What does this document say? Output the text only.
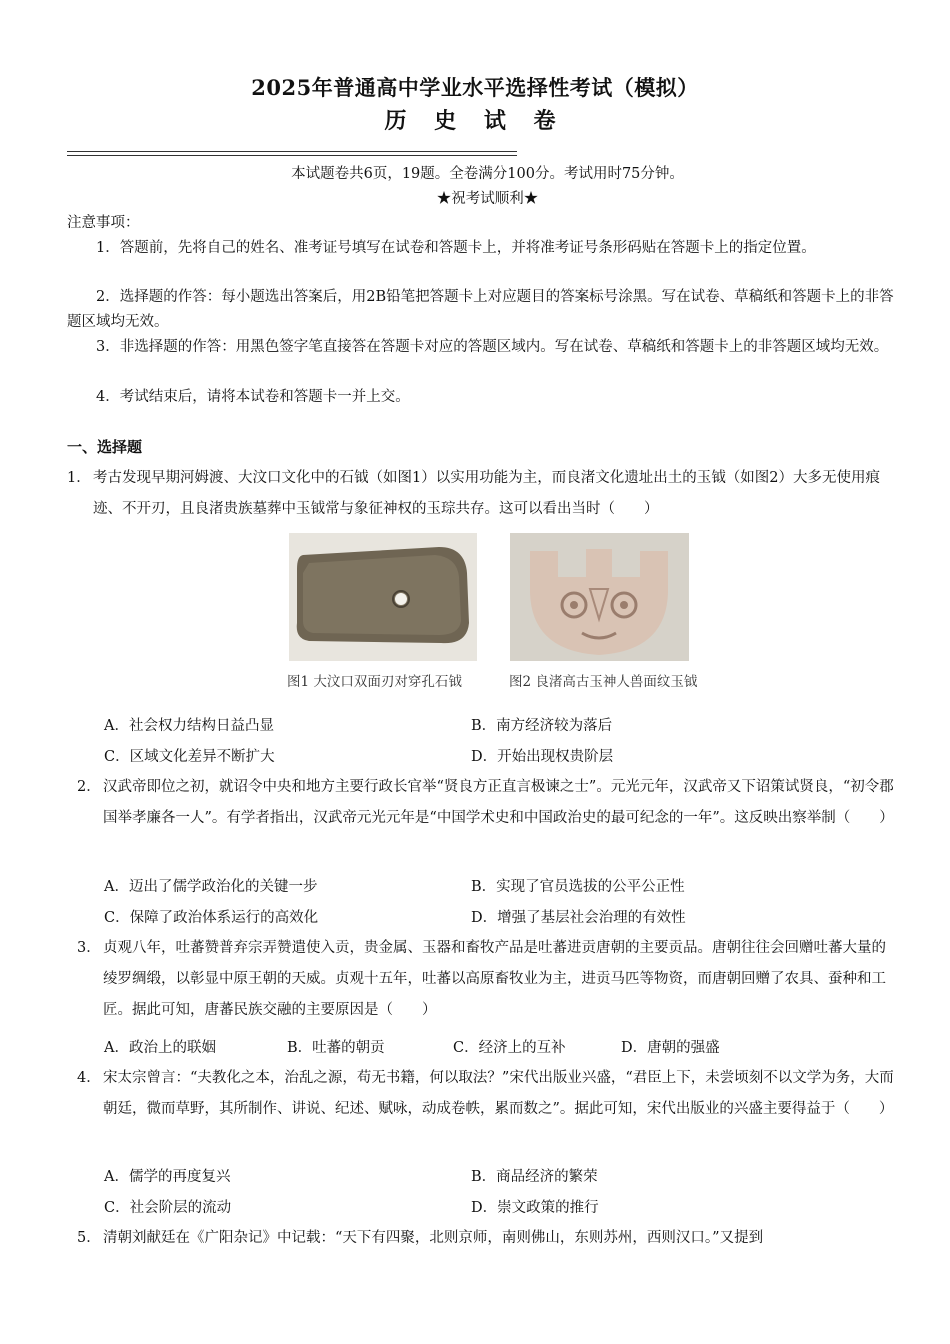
2025年普通高中学业水平选择性考试（模拟）
历 史 试 卷
本试题卷共6页，19题。全卷满分100分。考试用时75分钟。
★祝考试顺利★
注意事项：
1．答题前，先将自己的姓名、准考证号填写在试卷和答题卡上，并将准考证号条形码贴在答题卡上的指定位置。
2．选择题的作答：每小题选出答案后，用2B铅笔把答题卡上对应题目的答案标号涂黑。写在试卷、草稿纸和答题卡上的非答题区域均无效。
3．非选择题的作答：用黑色签字笔直接答在答题卡对应的答题区域内。写在试卷、草稿纸和答题卡上的非答题区域均无效。
4．考试结束后，请将本试卷和答题卡一并上交。
一、选择题
1． 考古发现早期河姆渡、大汶口文化中的石钺（如图1）以实用功能为主，而良渚文化遗址出土的玉钺（如图2）大多无使用痕迹、不开刃，且良渚贵族墓葬中玉钺常与象征神权的玉琮共存。这可以看出当时（　　）
图1 大汶口双面刃对穿孔石钺	图2 良渚高古玉神人兽面纹玉钺
A．社会权力结构日益凸显	B．南方经济较为落后
C．区域文化差异不断扩大	D．开始出现权贵阶层
2． 汉武帝即位之初，就诏令中央和地方主要行政长官举“贤良方正直言极谏之士”。元光元年，汉武帝又下诏策试贤良，“初令郡国举孝廉各一人”。有学者指出，汉武帝元光元年是“中国学术史和中国政治史的最可纪念的一年”。这反映出察举制（　　）
A．迈出了儒学政治化的关键一步	B．实现了官员选拔的公平公正性
C．保障了政治体系运行的高效化	D．增强了基层社会治理的有效性
3． 贞观八年，吐蕃赞普弃宗弄赞遣使入贡，贵金属、玉器和畜牧产品是吐蕃进贡唐朝的主要贡品。唐朝往往会回赠吐蕃大量的绫罗绸缎，以彰显中原王朝的天威。贞观十五年，吐蕃以高原畜牧业为主，进贡马匹等物资，而唐朝回赠了农具、蚕种和工匠。据此可知，唐蕃民族交融的主要原因是（　　）
A．政治上的联姻	B．吐蕃的朝贡	C．经济上的互补	D．唐朝的强盛
4． 宋太宗曾言：“夫教化之本，治乱之源，苟无书籍，何以取法？”宋代出版业兴盛，“君臣上下，未尝顷刻不以文学为务，大而朝廷，微而草野，其所制作、讲说、纪述、赋咏，动成卷帙，累而数之”。据此可知，宋代出版业的兴盛主要得益于（　　）
A．儒学的再度复兴	B．商品经济的繁荣
C．社会阶层的流动	D．崇文政策的推行
5． 清朝刘献廷在《广阳杂记》中记载：“天下有四聚，北则京师，南则佛山，东则苏州，西则汉口。”又提到
